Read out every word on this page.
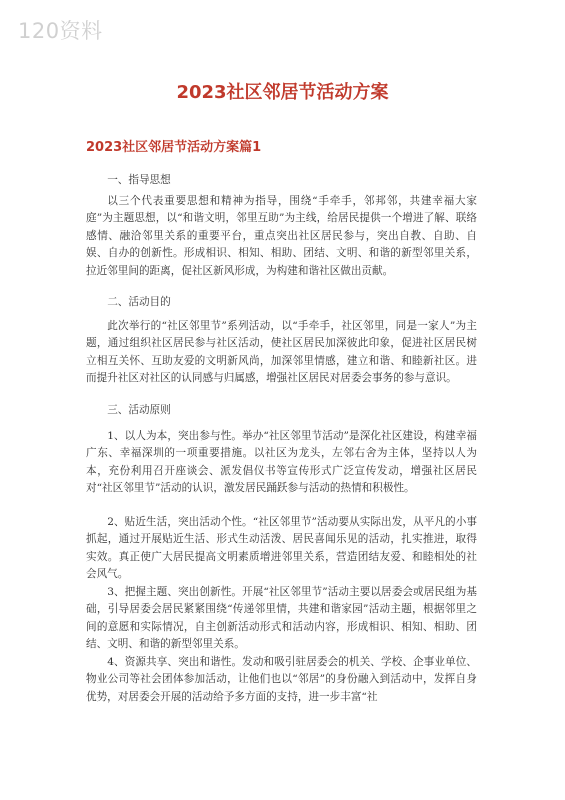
120资料
2023社区邻居节活动方案
2023社区邻居节活动方案篇1

一、指导思想

以三个代表重要思想和精神为指导，围绕“手牵手，邻邦邻，共建幸福大家庭”为主题思想，以“和谐文明，邻里互助”为主线，给居民提供一个增进了解、联络感情、融洽邻里关系的重要平台，重点突出社区居民参与，突出自教、自助、自娱、自办的创新性。形成相识、相知、相助、团结、文明、和谐的新型邻里关系，拉近邻里间的距离，促社区新风形成，为构建和谐社区做出贡献。

二、活动目的

此次举行的“社区邻里节”系列活动，以“手牵手，社区邻里，同是一家人”为主题，通过组织社区居民参与社区活动，使社区居民加深彼此印象，促进社区居民树立相互关怀、互助友爱的文明新风尚，加深邻里情感，建立和谐、和睦新社区。进而提升社区对社区的认同感与归属感，增强社区居民对居委会事务的参与意识。

三、活动原则

1、以人为本，突出参与性。举办“社区邻里节活动”是深化社区建设，构建幸福广东、幸福深圳的一项重要措施。以社区为龙头，左邻右舍为主体，坚持以人为本，充份利用召开座谈会、派发倡仪书等宣传形式广泛宣传发动，增强社区居民对“社区邻里节”活动的认识，激发居民踊跃参与活动的热情和积极性。

2、贴近生活，突出活动个性。“社区邻里节”活动要从实际出发，从平凡的小事抓起，通过开展贴近生活、形式生动活泼、居民喜闻乐见的活动，扎实推进，取得实效。真正使广大居民提高文明素质增进邻里关系，营造团结友爱、和睦相处的社会风气。

3、把握主题、突出创新性。开展“社区邻里节”活动主要以居委会或居民组为基础，引导居委会居民紧紧围绕“传递邻里情，共建和谐家园”活动主题，根据邻里之间的意愿和实际情况，自主创新活动形式和活动内容，形成相识、相知、相助、团结、文明、和谐的新型邻里关系。

4、资源共享、突出和谐性。发动和吸引驻居委会的机关、学校、企事业单位、物业公司等社会团体参加活动，让他们也以“邻居”的身份融入到活动中，发挥自身优势，对居委会开展的活动给予多方面的支持，进一步丰富“社
